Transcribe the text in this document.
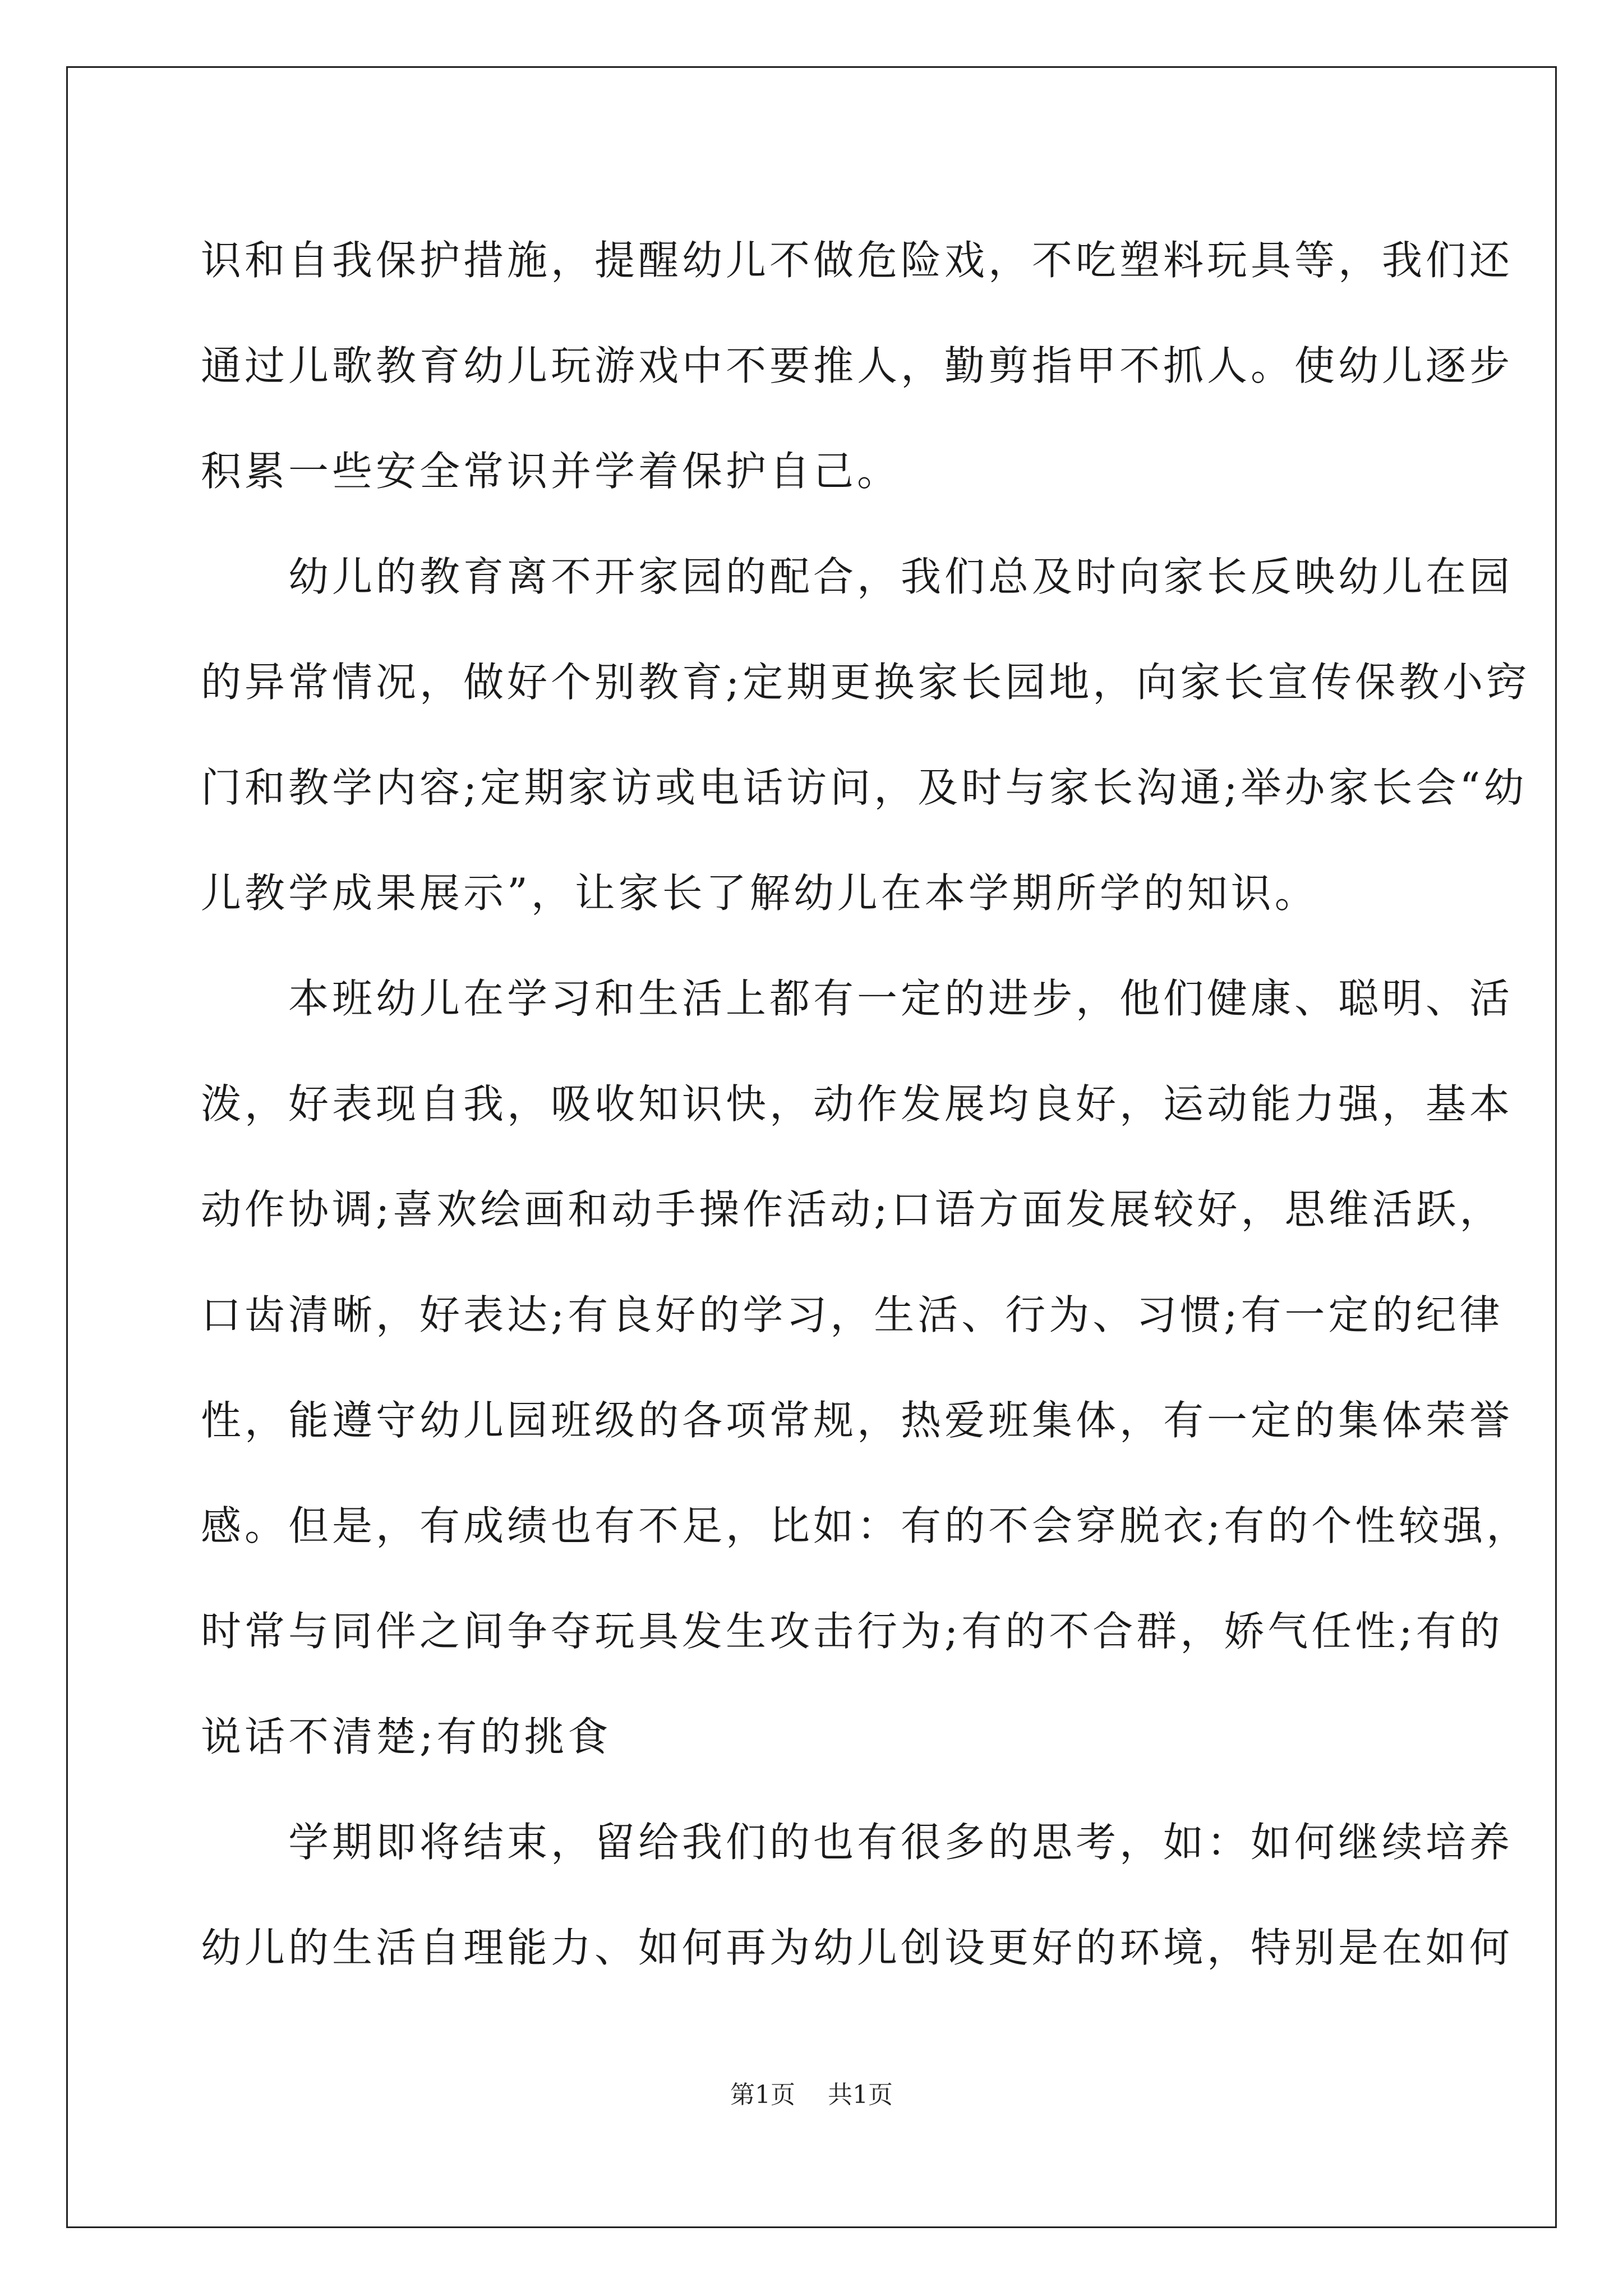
识和自我保护措施，提醒幼儿不做危险戏，不吃塑料玩具等，我们还
通过儿歌教育幼儿玩游戏中不要推人，勤剪指甲不抓人。使幼儿逐步
积累一些安全常识并学着保护自己。

　　幼儿的教育离不开家园的配合，我们总及时向家长反映幼儿在园
的异常情况，做好个别教育;定期更换家长园地，向家长宣传保教小窍
门和教学内容;定期家访或电话访问，及时与家长沟通;举办家长会“幼
儿教学成果展示”，让家长了解幼儿在本学期所学的知识。

　　本班幼儿在学习和生活上都有一定的进步，他们健康、聪明、活
泼，好表现自我，吸收知识快，动作发展均良好，运动能力强，基本
动作协调;喜欢绘画和动手操作活动;口语方面发展较好，思维活跃，
口齿清晰，好表达;有良好的学习，生活、行为、习惯;有一定的纪律
性，能遵守幼儿园班级的各项常规，热爱班集体，有一定的集体荣誉
感。但是，有成绩也有不足，比如：有的不会穿脱衣;有的个性较强，
时常与同伴之间争夺玩具发生攻击行为;有的不合群，娇气任性;有的
说话不清楚;有的挑食

　　学期即将结束，留给我们的也有很多的思考，如：如何继续培养
幼儿的生活自理能力、如何再为幼儿创设更好的环境，特别是在如何

第1页 共1页
